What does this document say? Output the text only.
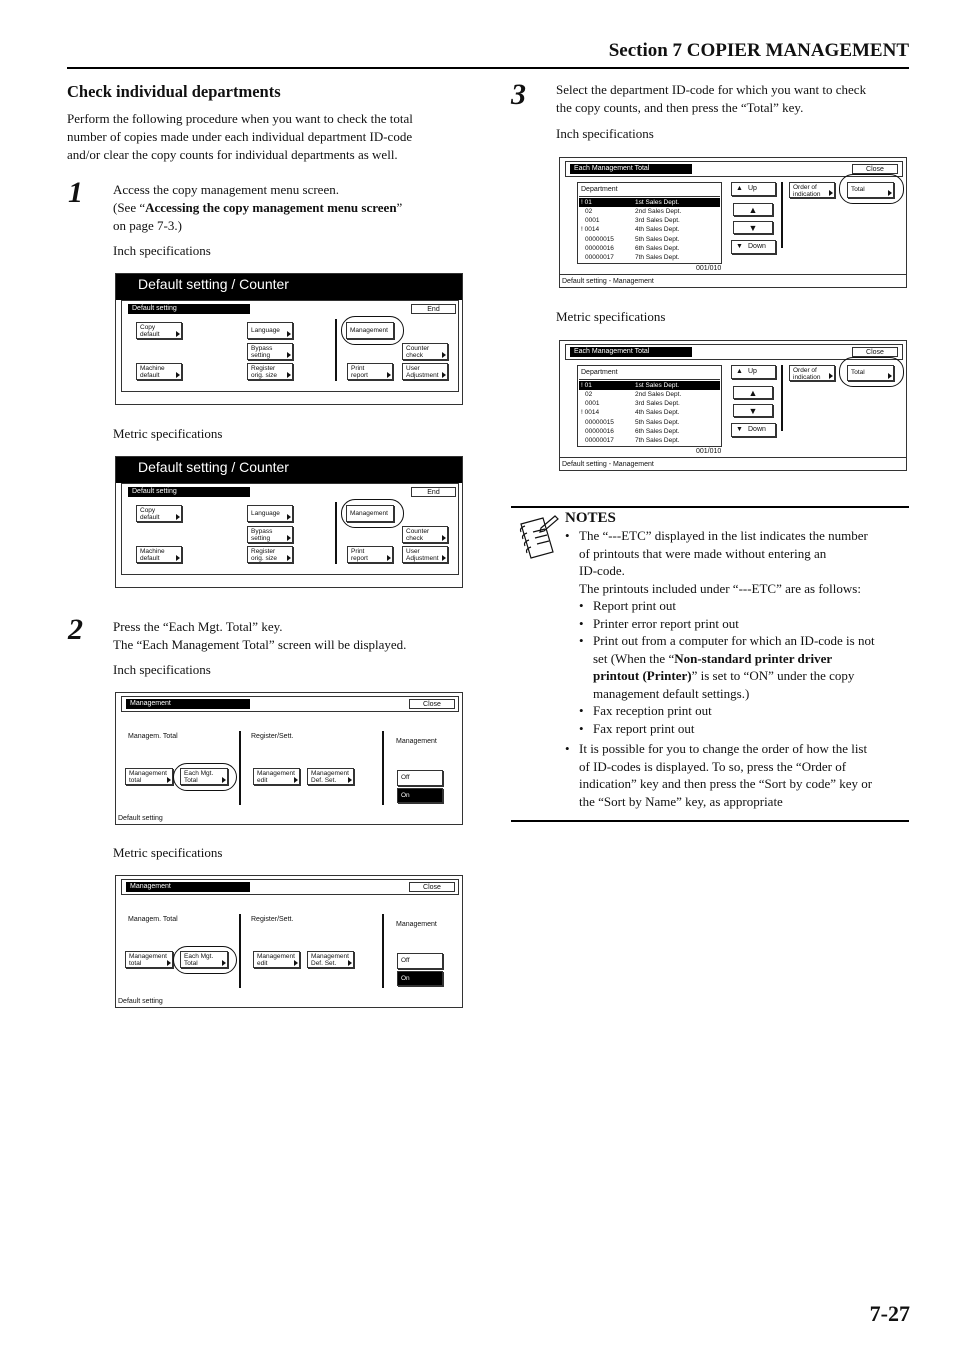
Section 7 COPIER MANAGEMENT
Check individual departments
Perform the following procedure when you want to check the total
number of copies made under each individual department ID-code
and/or clear the copy counts for individual departments as well.
1 Access the copy management menu screen.
(See “Accessing the copy management menu screen”
on page 7-3.)
Inch specifications
Default setting / Counter
Default setting	End
Copy
default
Language	Management
Bypass
setting
Counter
check
Machine
default
Register
orig. size
Print
report
User
Adjustment
Metric specifications
Default setting / Counter
Default setting	End
Copy
default
Language	Management
Bypass
setting
Counter
check
Machine
default
Register
orig. size
Print
report
User
Adjustment
2 Press the “Each Mgt. Total” key.
The “Each Management Total” screen will be displayed.
Inch specifications
Management	Close
Managem. Total	Register/Sett.
Management
Management
total
Each Mgt.
Total
Management
edit
Management
Def. Set.	Off
On
Default setting
Metric specifications
Management	Close
Managem. Total	Register/Sett.
Management
Management
total
Each Mgt.
Total
Management
edit
Management
Def. Set.	Off
On
Default setting
3 Select the department ID-code for which you want to check
the copy counts, and then press the “Total” key.
Inch specifications
Each Management Total	Close
Department
! 01	1st Sales Dept.
02	2nd Sales Dept.
0001	3rd Sales Dept.
! 0014	4th Sales Dept.
00000015	5th Sales Dept.
00000016	6th Sales Dept.
00000017	7th Sales Dept.
001/010
▲ Up
▲
▼
▼ Down
Order of
indication
Total
Default setting - Management
Metric specifications
Each Management Total	Close
Department
! 01	1st Sales Dept.
02	2nd Sales Dept.
0001	3rd Sales Dept.
! 0014	4th Sales Dept.
00000015	5th Sales Dept.
00000016	6th Sales Dept.
00000017	7th Sales Dept.
001/010
▲ Up
▲
▼
▼ Down
Order of
indication
Total
Default setting - Management
NOTES
• The “---ETC” displayed in the list indicates the number
of printouts that were made without entering an
ID-code.
The printouts included under “---ETC” are as follows:
• Report print out
• Printer error report print out
• Print out from a computer for which an ID-code is not
set (When the “Non-standard printer driver
printout (Printer)” is set to “ON” under the copy
management default settings.)
• Fax reception print out
• Fax report print out
• It is possible for you to change the order of how the list
of ID-codes is displayed. To so, press the “Order of
indication” key and then press the “Sort by code” key or
the “Sort by Name” key, as appropriate
7-27
